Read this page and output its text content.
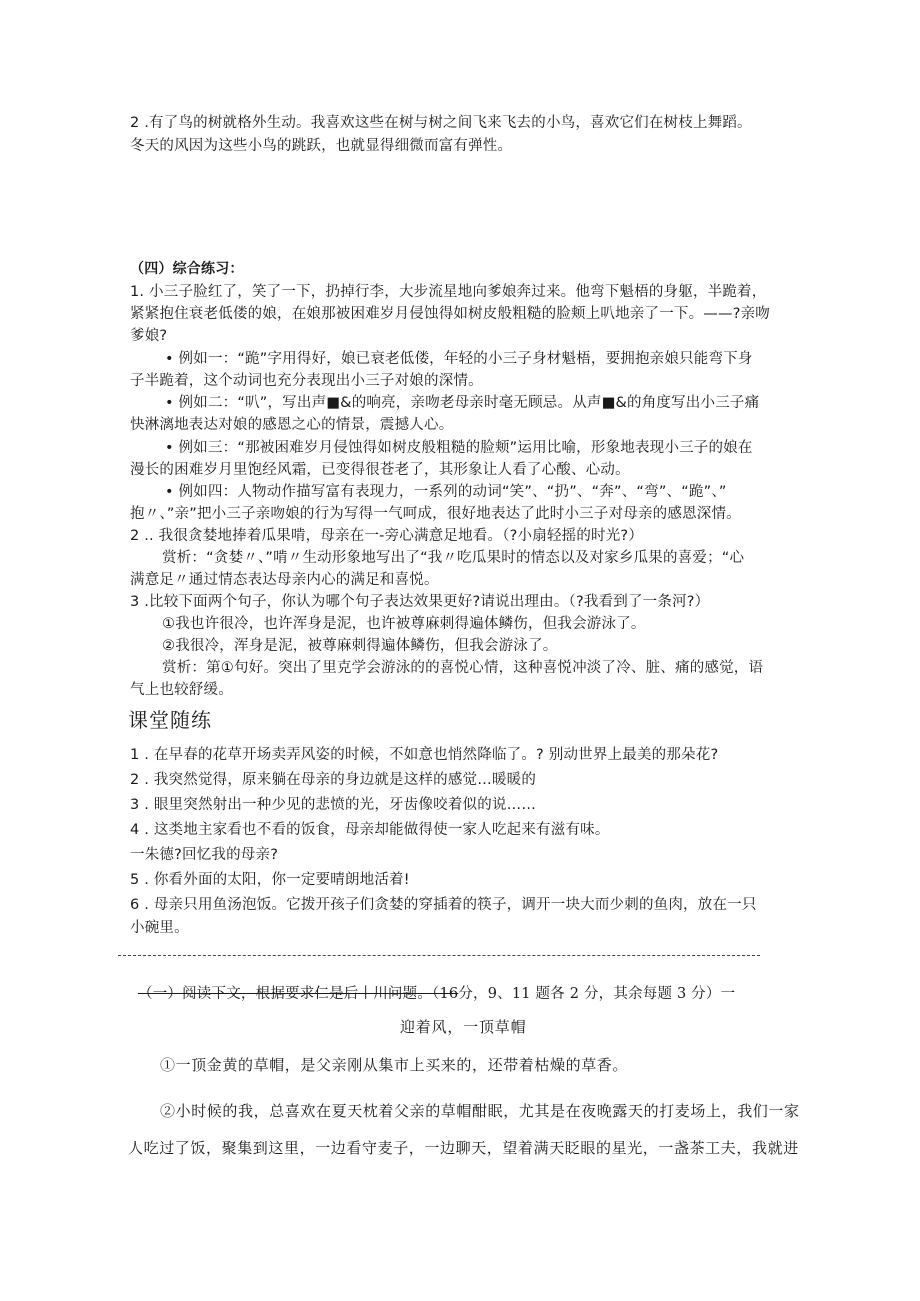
2 .有了鸟的树就格外生动。我喜欢这些在树与树之间飞来飞去的小鸟，喜欢它们在树枝上舞蹈。
冬天的风因为这些小鸟的跳跃，也就显得细微而富有弹性。
（四）综合练习：
1. 小三子脸红了，笑了一下，扔掉行李，大步流星地向爹娘奔过来。他弯下魁梧的身躯，半跪着，
紧紧抱住衰老低偻的娘，在娘那被困难岁月侵蚀得如树皮般粗糙的脸颊上叭地亲了一下。——?亲吻
爹娘?
• 例如一：“跪”字用得好，娘已衰老低偻，年轻的小三子身材魁梧，要拥抱亲娘只能弯下身
子半跪着，这个动词也充分表现出小三子对娘的深情。
• 例如二：“叭”，写出声■&的响亮，亲吻老母亲时毫无顾忌。从声■&的角度写出小三子痛
快淋漓地表达对娘的感恩之心的情景，震撼人心。
• 例如三：“那被困难岁月侵蚀得如树皮般粗糙的脸颊”运用比喻，形象地表现小三子的娘在
漫长的困难岁月里饱经风霜，已变得很苍老了，其形象让人看了心酸、心动。
• 例如四：人物动作描写富有表现力，一系列的动词“笑”、“扔”、“奔”、“弯”、“跪”、”
抱〃、”亲”把小三子亲吻娘的行为写得一气呵成，很好地表达了此时小三子对母亲的感恩深情。
2 .. 我很贪婪地捧着瓜果啃，母亲在一-旁心满意足地看。（?小扇轻摇的时光?）
赏析：“贪婪〃、”啃〃生动形象地写出了“我〃吃瓜果时的情态以及对家乡瓜果的喜爱；“心
满意足〃通过情态表达母亲内心的满足和喜悦。
3 .比较下面两个句子，你认为哪个句子表达效果更好?请说出理由。（?我看到了一条河?）
①我也许很冷，也许浑身是泥，也许被尊麻刺得遍体鳞伤，但我会游泳了。
②我很冷，浑身是泥，被尊麻刺得遍体鳞伤，但我会游泳了。
赏析：第①句好。突出了里克学会游泳的的喜悦心情，这种喜悦冲淡了冷、脏、痛的感觉，语
气上也较舒缓。
课堂随练
1 . 在早春的花草开场卖弄风姿的时候，不如意也悄然降临了。? 别动世界上最美的那朵花?
2 . 我突然觉得，原来躺在母亲的身边就是这样的感觉…暖暖的
3 . 眼里突然射出一种少见的悲愤的光，牙齿像咬着似的说……
4 . 这类地主家看也不看的饭食，母亲却能做得使一家人吃起来有滋有味。
一朱德?回忆我的母亲?
5 . 你看外面的太阳，你一定要晴朗地活着!
6 . 母亲只用鱼汤泡饭。它拨开孩子们贪婪的穿插着的筷子，调开一块大而少刺的鱼肉，放在一只
小碗里。
（一）阅读下文，根据要求仁是后丨川问题。（16分，9、11 题各 2 分，其余每题 3 分）一
迎着风，一顶草帽
①一顶金黄的草帽，是父亲刚从集市上买来的，还带着枯燥的草香。
②小时候的我，总喜欢在夏天枕着父亲的草帽酣眠，尤其是在夜晚露天的打麦场上，我们一家
人吃过了饭，聚集到这里，一边看守麦子，一边聊天，望着满天眨眼的星光，一盏茶工夫，我就进
